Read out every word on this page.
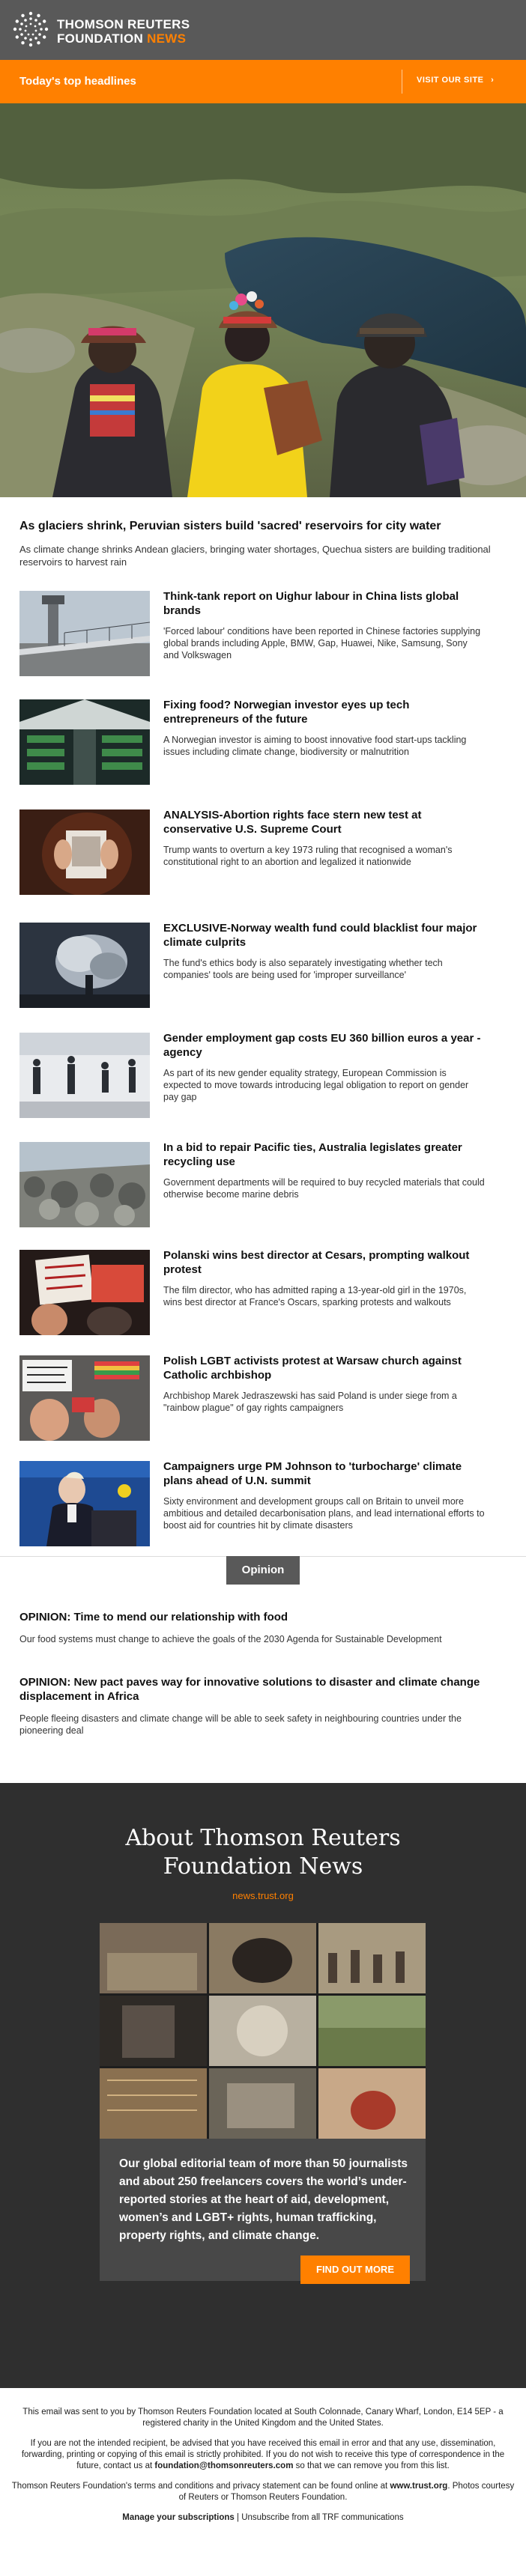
THOMSON REUTERS
FOUNDATION NEWS
Today's top headlines	VISIT OUR SITE ›
As glaciers shrink, Peruvian sisters build 'sacred' reservoirs for city water
As climate change shrinks Andean glaciers, bringing water shortages, Quechua sisters are building traditional reservoirs to harvest rain
Think-tank report on Uighur labour in China lists global brands
'Forced labour' conditions have been reported in Chinese factories supplying global brands including Apple, BMW, Gap, Huawei, Nike, Samsung, Sony and Volkswagen
Fixing food? Norwegian investor eyes up tech entrepreneurs of the future
A Norwegian investor is aiming to boost innovative food start-ups tackling issues including climate change, biodiversity or malnutrition
ANALYSIS-Abortion rights face stern new test at conservative U.S. Supreme Court
Trump wants to overturn a key 1973 ruling that recognised a woman's constitutional right to an abortion and legalized it nationwide
EXCLUSIVE-Norway wealth fund could blacklist four major climate culprits
The fund's ethics body is also separately investigating whether tech companies' tools are being used for 'improper surveillance'
Gender employment gap costs EU 360 billion euros a year - agency
As part of its new gender equality strategy, European Commission is expected to move towards introducing legal obligation to report on gender pay gap
In a bid to repair Pacific ties, Australia legislates greater recycling use
Government departments will be required to buy recycled materials that could otherwise become marine debris
Polanski wins best director at Cesars, prompting walkout protest
The film director, who has admitted raping a 13-year-old girl in the 1970s, wins best director at France's Oscars, sparking protests and walkouts
Polish LGBT activists protest at Warsaw church against Catholic archbishop
Archbishop Marek Jedraszewski has said Poland is under siege from a "rainbow plague" of gay rights campaigners
Campaigners urge PM Johnson to 'turbocharge' climate plans ahead of U.N. summit
Sixty environment and development groups call on Britain to unveil more ambitious and detailed decarbonisation plans, and lead international efforts to boost aid for countries hit by climate disasters
Opinion
OPINION: Time to mend our relationship with food
Our food systems must change to achieve the goals of the 2030 Agenda for Sustainable Development
OPINION: New pact paves way for innovative solutions to disaster and climate change displacement in Africa
People fleeing disasters and climate change will be able to seek safety in neighbouring countries under the pioneering deal
About Thomson Reuters
Foundation News
news.trust.org
Our global editorial team of more than 50 journalists and about 250 freelancers covers the world’s under-reported stories at the heart of aid, development, women’s and LGBT+ rights, human trafficking, property rights, and climate change.
FIND OUT MORE

This email was sent to you by Thomson Reuters Foundation located at South Colonnade, Canary Wharf, London, E14 5EP - a registered charity in the United Kingdom and the United States.

If you are not the intended recipient, be advised that you have received this email in error and that any use, dissemination, forwarding, printing or copying of this email is strictly prohibited. If you do not wish to receive this type of correspondence in the future, contact us at foundation@thomsonreuters.com so that we can remove you from this list.

Thomson Reuters Foundation's terms and conditions and privacy statement can be found online at www.trust.org. Photos courtesy of Reuters or Thomson Reuters Foundation.

Manage your subscriptions | Unsubscribe from all TRF communications
